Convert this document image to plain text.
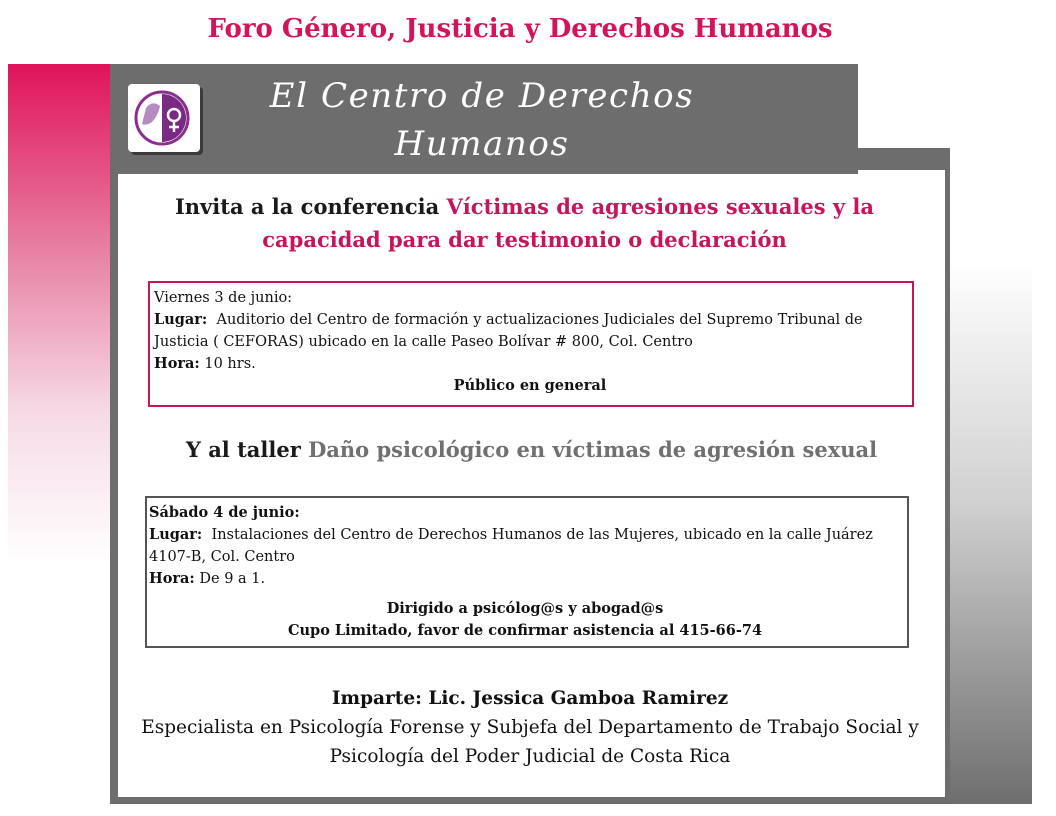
Foro Género, Justicia y Derechos Humanos
El Centro de Derechos Humanos
de las Mujeres
Invita a la conferencia Víctimas de agresiones sexuales y la capacidad para dar testimonio o declaración
Viernes 3 de junio:
Lugar: Auditorio del Centro de formación y actualizaciones Judiciales del Supremo Tribunal de Justicia ( CEFORAS) ubicado en la calle Paseo Bolívar # 800, Col. Centro
Hora: 10 hrs.
Público en general
Y al taller Daño psicológico en víctimas de agresión sexual
Sábado 4 de junio:
Lugar: Instalaciones del Centro de Derechos Humanos de las Mujeres, ubicado en la calle Juárez 4107-B, Col. Centro
Hora: De 9 a 1.
Dirigido a psicólog@s y abogad@s
Cupo Limitado, favor de confirmar asistencia al 415-66-74
Imparte: Lic. Jessica Gamboa Ramirez
Especialista en Psicología Forense y Subjefa del Departamento de Trabajo Social y Psicología del Poder Judicial de Costa Rica
